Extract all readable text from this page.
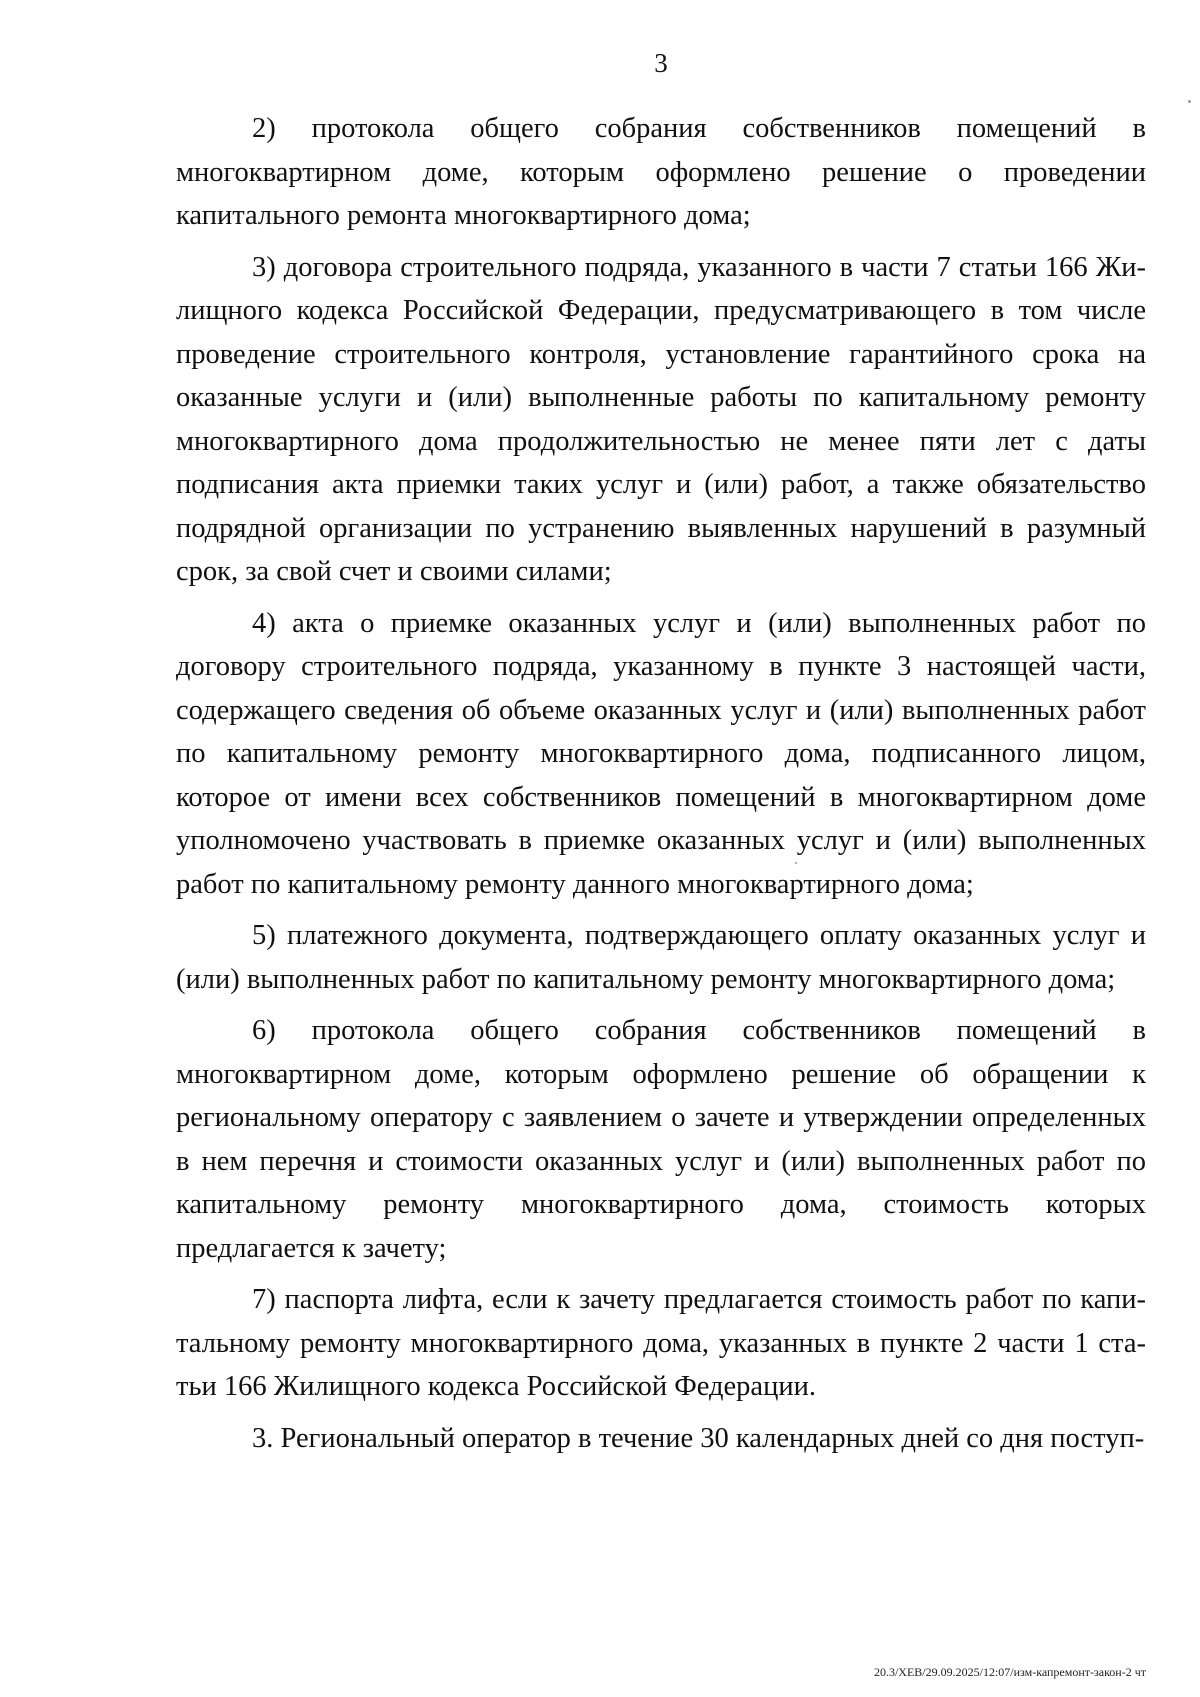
3

2) протокола общего собрания собственников помещений в многоквартирном доме, которым оформлено решение о проведении капитального ремонта многоквартирного дома;

3) договора строительного подряда, указанного в части 7 статьи 166 Жилищного кодекса Российской Федерации, предусматривающего в том числе проведение строительного контроля, установление гарантийного срока на оказанные услуги и (или) выполненные работы по капитальному ремонту многоквартирного дома продолжительностью не менее пяти лет с даты подписания акта приемки таких услуг и (или) работ, а также обязательство подрядной организации по устранению выявленных нарушений в разумный срок, за свой счет и своими силами;

4) акта о приемке оказанных услуг и (или) выполненных работ по договору строительного подряда, указанному в пункте 3 настоящей части, содержащего сведения об объеме оказанных услуг и (или) выполненных работ по капитальному ремонту многоквартирного дома, подписанного лицом, которое от имени всех собственников помещений в многоквартирном доме уполномочено участвовать в приемке оказанных услуг и (или) выполненных работ по капитальному ремонту данного многоквартирного дома;

5) платежного документа, подтверждающего оплату оказанных услуг и (или) выполненных работ по капитальному ремонту многоквартирного дома;

6) протокола общего собрания собственников помещений в многоквартирном доме, которым оформлено решение об обращении к региональному оператору с заявлением о зачете и утверждении определенных в нем перечня и стоимости оказанных услуг и (или) выполненных работ по капитальному ремонту многоквартирного дома, стоимость которых предлагается к зачету;

7) паспорта лифта, если к зачету предлагается стоимость работ по капитальному ремонту многоквартирного дома, указанных в пункте 2 части 1 статьи 166 Жилищного кодекса Российской Федерации.

3. Региональный оператор в течение 30 календарных дней со дня поступ-

20.3/ХЕВ/29.09.2025/12:07/изм-капремонт-закон-2 чт
